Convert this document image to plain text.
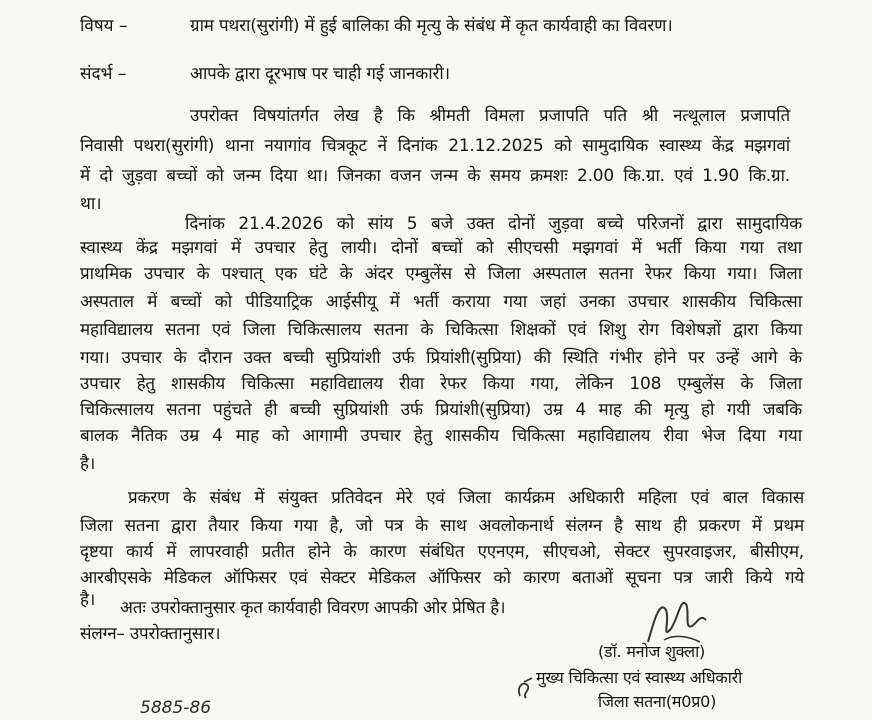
विषय –	ग्राम पथरा(सुरांगी) में हुई बालिका की मृत्यु के संबंध में कृत कार्यवाही का विवरण।
संदर्भ –	आपके द्वारा दूरभाष पर चाही गई जानकारी।
उपरोक्त विषयांतर्गत लेख है कि श्रीमती विमला प्रजापति पति श्री नत्थूलाल प्रजापति
निवासी पथरा(सुरांगी) थाना नयागांव चित्रकूट नें दिनांक 21.12.2025 को सामुदायिक स्वास्थ्य केंद्र मझगवां
में दो जुड़वा बच्चों को जन्म दिया था। जिनका वजन जन्म के समय क्रमशः 2.00 कि.ग्रा. एवं 1.90 कि.ग्रा.
था।
दिनांक 21.4.2026 को सांय 5 बजे उक्त दोनों जुड़वा बच्चे परिजनों द्वारा सामुदायिक
स्वास्थ्य केंद्र मझगवां में उपचार हेतु लायी। दोनों बच्चों को सीएचसी मझगवां में भर्ती किया गया तथा
प्राथमिक उपचार के पश्चात् एक घंटे के अंदर एम्बुलेंस से जिला अस्पताल सतना रेफर किया गया। जिला
अस्पताल में बच्चों को पीडियाट्रिक आईसीयू में भर्ती कराया गया जहां उनका उपचार शासकीय चिकित्सा
महाविद्यालय सतना एवं जिला चिकित्सालय सतना के चिकित्सा शिक्षकों एवं शिशु रोग विशेषज्ञों द्वारा किया
गया। उपचार के दौरान उक्त बच्ची सुप्रियांशी उर्फ प्रियांशी(सुप्रिया) की स्थिति गंभीर होने पर उन्हें आगे के
उपचार हेतु शासकीय चिकित्सा महाविद्यालय रीवा रेफर किया गया, लेकिन 108 एम्बुलेंस के जिला
चिकित्सालय सतना पहुंचते ही बच्ची सुप्रियांशी उर्फ प्रियांशी(सुप्रिया) उम्र 4 माह की मृत्यु हो गयी जबकि
बालक नैतिक उम्र 4 माह को आगामी उपचार हेतु शासकीय चिकित्सा महाविद्यालय रीवा भेज दिया गया
है।
प्रकरण के संबंध में संयुक्त प्रतिवेदन मेरे एवं जिला कार्यक्रम अधिकारी महिला एवं बाल विकास
जिला सतना द्वारा तैयार किया गया है, जो पत्र के साथ अवलोकनार्थ संलग्न है साथ ही प्रकरण में प्रथम
दृष्टया कार्य में लापरवाही प्रतीत होने के कारण संबंधित एएनएम, सीएचओ, सेक्टर सुपरवाइजर, बीसीएम,
आरबीएसके मेडिकल ऑफिसर एवं सेक्टर मेडिकल ऑफिसर को कारण बताओं सूचना पत्र जारी किये गये
है। अतः उपरोक्तानुसार कृत कार्यवाही विवरण आपकी ओर प्रेषित है।
संलग्न– उपरोक्तानुसार।
(डॉ. मनोज शुक्ला)
मुख्य चिकित्सा एवं स्वास्थ्य अधिकारी
जिला सतना(म0प्र0)
5885-86
